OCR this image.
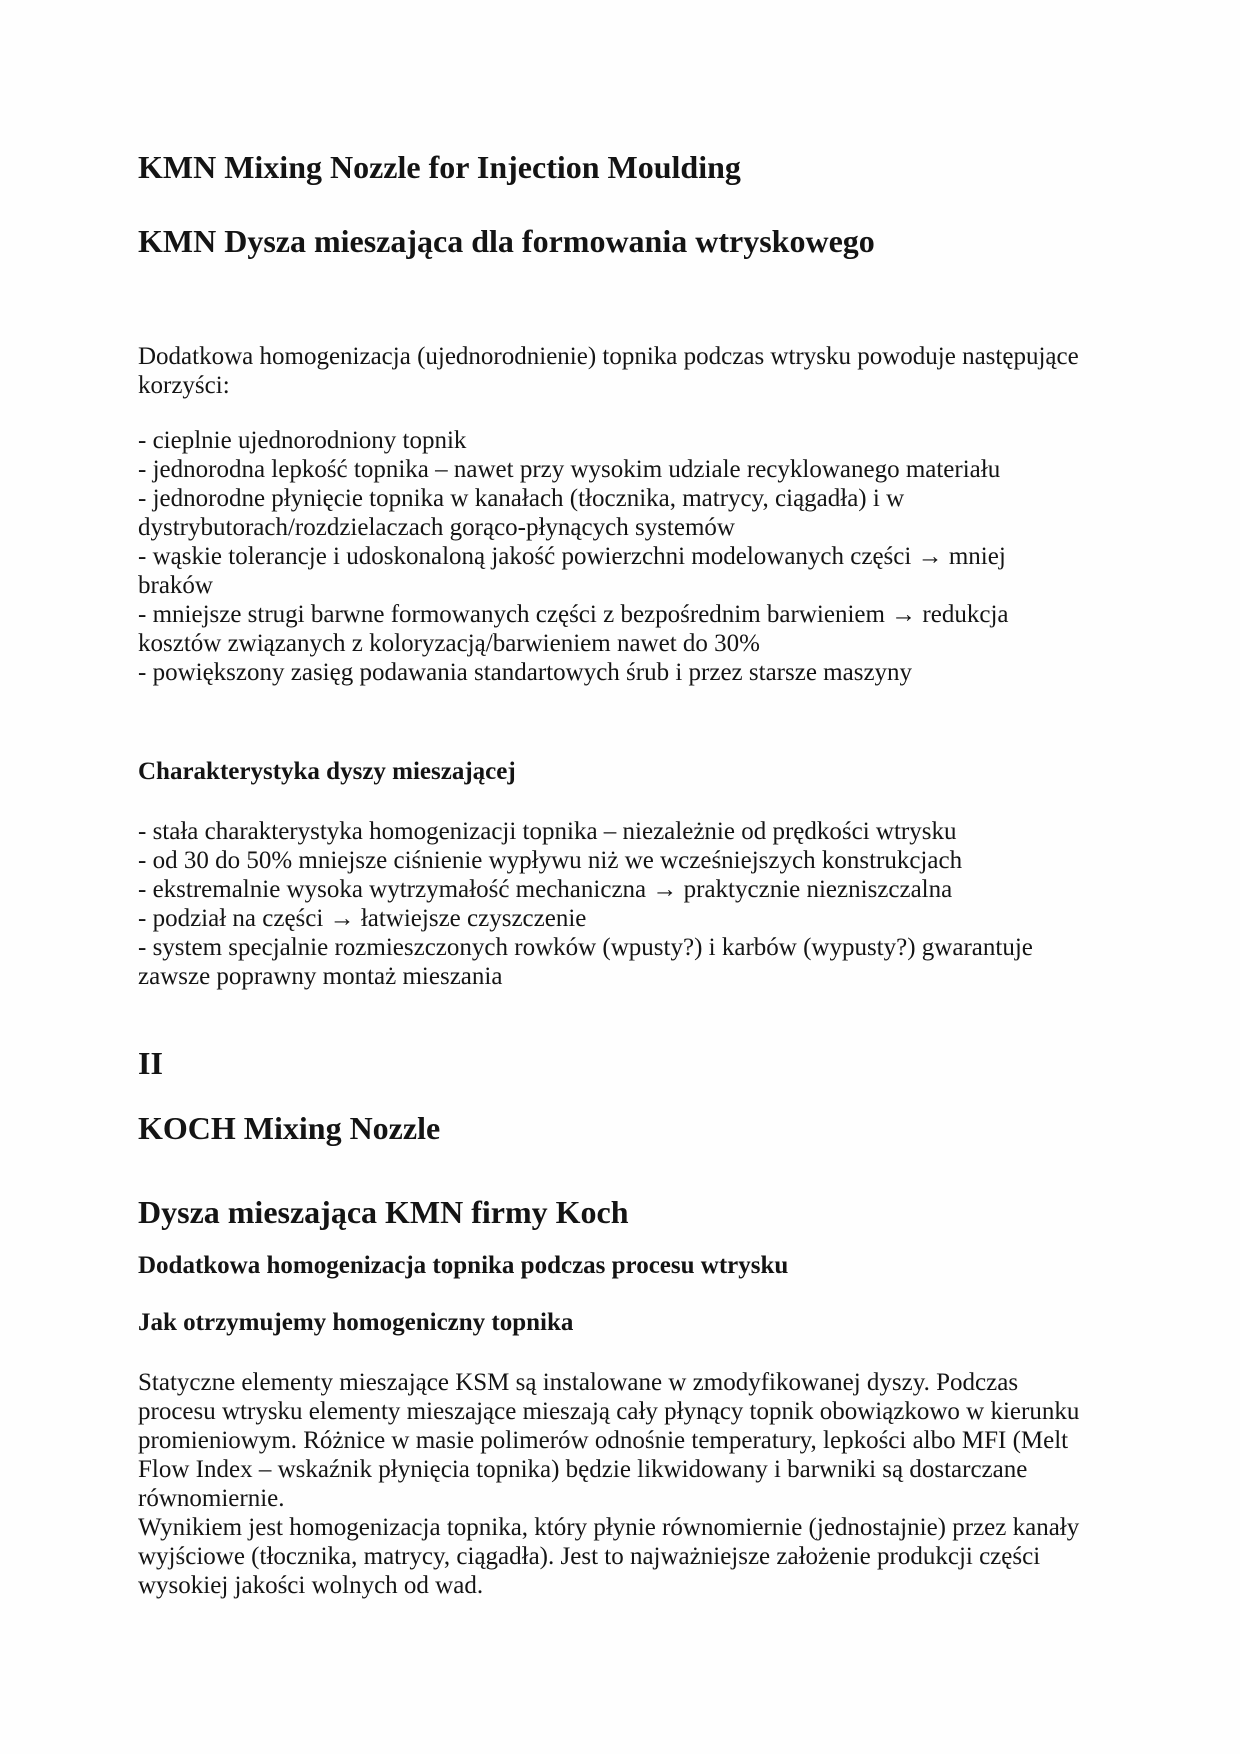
KMN Mixing Nozzle for Injection Moulding
KMN Dysza mieszająca dla formowania wtryskowego

Dodatkowa homogenizacja (ujednorodnienie) topnika podczas wtrysku powoduje następujące
korzyści:

- cieplnie ujednorodniony topnik
- jednorodna lepkość topnika – nawet przy wysokim udziale recyklowanego materiału
- jednorodne płynięcie topnika w kanałach (tłocznika, matrycy, ciągadła) i w
dystrybutorach/rozdzielaczach gorąco-płynących systemów
- wąskie tolerancje i udoskonaloną jakość powierzchni modelowanych części → mniej
braków
- mniejsze strugi barwne formowanych części z bezpośrednim barwieniem → redukcja
kosztów związanych z koloryzacją/barwieniem nawet do 30%
- powiększony zasięg podawania standartowych śrub i przez starsze maszyny

Charakterystyka dyszy mieszającej

- stała charakterystyka homogenizacji topnika – niezależnie od prędkości wtrysku
- od 30 do 50% mniejsze ciśnienie wypływu niż we wcześniejszych konstrukcjach
- ekstremalnie wysoka wytrzymałość mechaniczna → praktycznie niezniszczalna
- podział na części → łatwiejsze czyszczenie
- system specjalnie rozmieszczonych rowków (wpusty?) i karbów (wypusty?) gwarantuje
zawsze poprawny montaż mieszania

II
KOCH Mixing Nozzle
Dysza mieszająca KMN firmy Koch
Dodatkowa homogenizacja topnika podczas procesu wtrysku
Jak otrzymujemy homogeniczny topnika

Statyczne elementy mieszające KSM są instalowane w zmodyfikowanej dyszy. Podczas
procesu wtrysku elementy mieszające mieszają cały płynący topnik obowiązkowo w kierunku
promieniowym. Różnice w masie polimerów odnośnie temperatury, lepkości albo MFI (Melt
Flow Index – wskaźnik płynięcia topnika) będzie likwidowany i barwniki są dostarczane
równomiernie.
Wynikiem jest homogenizacja topnika, który płynie równomiernie (jednostajnie) przez kanały
wyjściowe (tłocznika, matrycy, ciągadła). Jest to najważniejsze założenie produkcji części
wysokiej jakości wolnych od wad.
